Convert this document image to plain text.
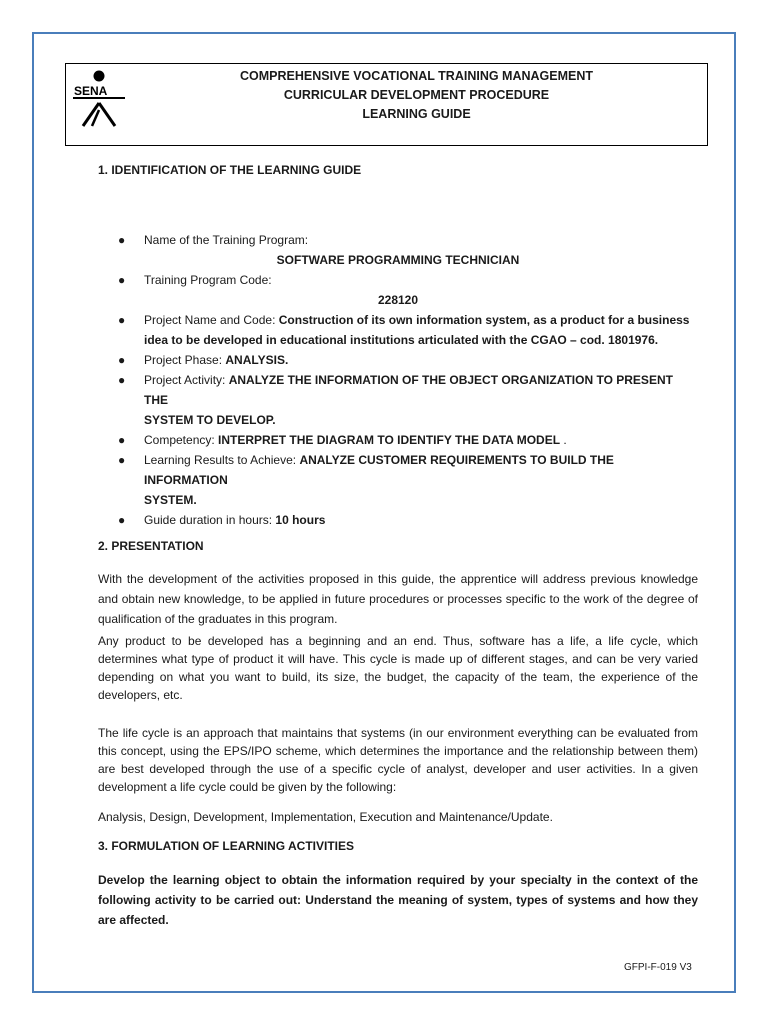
SENA
COMPREHENSIVE VOCATIONAL TRAINING MANAGEMENT
CURRICULAR DEVELOPMENT PROCEDURE
LEARNING GUIDE
1. IDENTIFICATION OF THE LEARNING GUIDE
● Name of the Training Program:
SOFTWARE PROGRAMMING TECHNICIAN
● Training Program Code:
228120
● Project Name and Code: Construction of its own information system, as a product for a business
idea to be developed in educational institutions articulated with the CGAO – cod. 1801976.
● Project Phase: ANALYSIS.
● Project Activity: ANALYZE THE INFORMATION OF THE OBJECT ORGANIZATION TO PRESENT THE
SYSTEM TO DEVELOP.
● Competency: INTERPRET THE DIAGRAM TO IDENTIFY THE DATA MODEL .
● Learning Results to Achieve: ANALYZE CUSTOMER REQUIREMENTS TO BUILD THE INFORMATION
SYSTEM.
● Guide duration in hours: 10 hours
2. PRESENTATION

With the development of the activities proposed in this guide, the apprentice will address previous knowledge and obtain new knowledge, to be applied in future procedures or processes specific to the work of the degree of qualification of the graduates in this program.

Any product to be developed has a beginning and an end. Thus, software has a life, a life cycle, which determines what type of product it will have. This cycle is made up of different stages, and can be very varied depending on what you want to build, its size, the budget, the capacity of the team, the experience of the developers, etc.

The life cycle is an approach that maintains that systems (in our environment everything can be evaluated from this concept, using the EPS/IPO scheme, which determines the importance and the relationship between them) are best developed through the use of a specific cycle of analyst, developer and user activities. In a given development a life cycle could be given by the following:

Analysis, Design, Development, Implementation, Execution and Maintenance/Update.

3. FORMULATION OF LEARNING ACTIVITIES

Develop the learning object to obtain the information required by your specialty in the context of the following activity to be carried out: Understand the meaning of system, types of systems and how they are affected.

GFPI-F-019 V3
